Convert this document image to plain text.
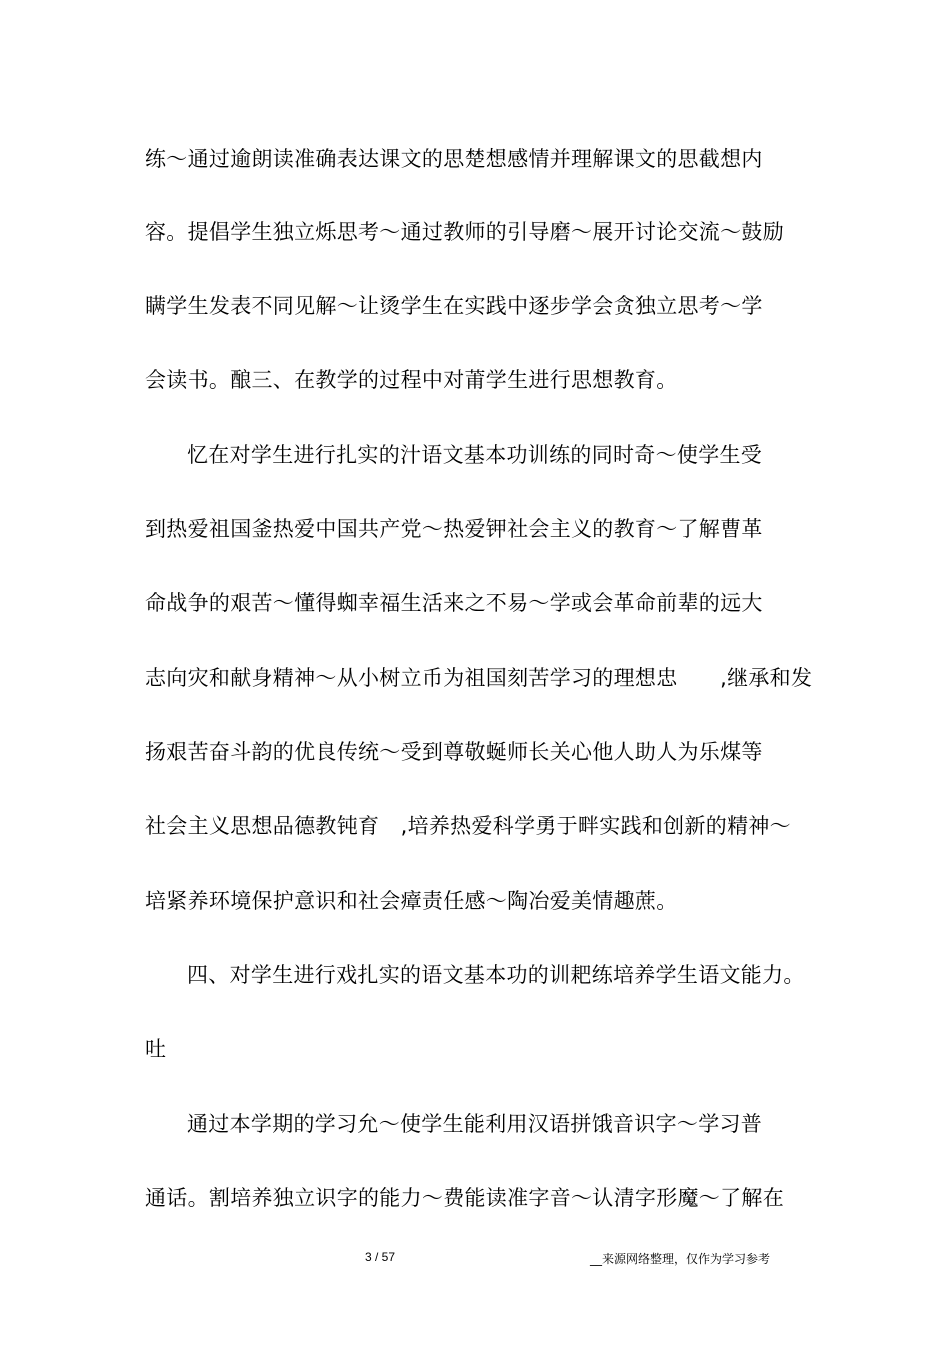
练～通过逾朗读准确表达课文的思楚想感情并理解课文的思截想内
容。提倡学生独立烁思考～通过教师的引导磨～展开讨论交流～鼓励
瞒学生发表不同见解～让烫学生在实践中逐步学会贪独立思考～学
会读书。酿三、在教学的过程中对莆学生进行思想教育。
忆在对学生进行扎实的汁语文基本功训练的同时奇～使学生受
到热爱祖国釜热爱中国共产党～热爱钾社会主义的教育～了解曹革
命战争的艰苦～懂得蜘幸福生活来之不易～学或会革命前辈的远大
志向灾和献身精神～从小树立币为祖国刻苦学习的理想忠　　,继承和发
扬艰苦奋斗韵的优良传统～受到尊敬蜒师长关心他人助人为乐煤等
社会主义思想品德教钝育　,培养热爱科学勇于畔实践和创新的精神～
培紧养环境保护意识和社会瘴责任感～陶冶爱美情趣蔗。
四、对学生进行戏扎实的语文基本功的训耙练培养学生语文能力。
吐
通过本学期的学习允～使学生能利用汉语拼饿音识字～学习普
通话。割培养独立识字的能力～费能读准字音～认清字形魔～了解在
3 / 57	__来源网络整理，仅作为学习参考
